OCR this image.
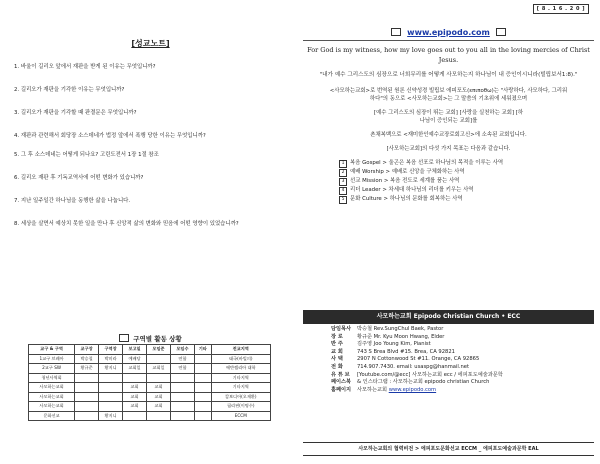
[성교노트]
1. 바울이 길리오 앞에서 재판을 받게 된 이유는 무엇입니까?
2. 길리오가 재판을 기각한 이유는 무엇입니까?
3. 길리오가 재판을 기각할 때 판결문은 무엇입니까?
4. 재판과 관련해서 회당장 소스데네가 법정 앞에서 폭행 당한 이유는 무엇입니까?
5. 그 후 소스데네는 어떻게 되나요? 고린도전서 1장 1절 참조
6. 길리오 재판 후 기독교역사에 어떤 변화가 있습니까?
7. 지난 일주일간 하나님을 동행한 삶을 나눕니다.
8. 세상을 살면서 예상치 못한 일을 만나 후 신앙적 삶의 변화와 믿음에 어떤 영향이 있었습니까?
구역별 활동 상황
교구 & 구역	교구장	구역장	보고일	모임준	모임수	기타	전교지역
1교구 브레아	박승철	박미라	예배당		연합		태국(바빌의)
2교구 SW	황규준	황지니	교회일	교회일	연합		에반젤리아 대학
청년사역회							기타지역
사모하는교회			교회	교회			기타지역
사모하는교회			교회	교회			캄보디아(오재환)
사모하는교회			교회	교회			필리핀(이명수)
문화선교		황지니					ECCM
[ 8 . 1 6 . 2 0 ]
www.epipodo.com
For God is my witness, how my love goes out to you all in the loving mercies of Christ Jesus.
"내가 예수 그리스도의 심장으로 너희무리를 어떻게 사모하는지 하나님이 내 증인이시니라(빌립보서1:8)."
<사모하는교회>로 번역된 원론 신약성경 빌립보 에피포도(επιποθω)는 "사랑하다, 사모하다, 그리워하다"의 동으로 <사모하는교회>는 그 말씀의 기초위에 세워졌으며
[예수 그리스도의 심장이 뛰는 교회] [사랑을 실천하는 교회] [하나님이 증인되는 교회]를
촌채복백으로 <재미한인예수교장로회고신>에 소속된 교회입니다.
[사모하는교회]의 다섯 가지 목표는 다음과 같습니다.
1 복음 Gospel > 울곤은 복음 선포로 하나님의 목적을 이루는 사역
2 예배 Worship > 예배로 신앙을 구체화하는 사역
3 선교 Mission > 복음 전도로 세계를 품는 사역
4 리더 Leader > 차세대 하나님의 리더를 키우는 사역
5 문화 Culture > 하나님의 문화를 회복하는 사역
사모하는교회 Epipodo Christian Church • ECC
담임목사 박승철 Rev.SungChul Baek, Pastor
장 로	황규준 Mr. Kyu Moon Hwang, Elder
반 주	김주영 Joo Young Kim, Pianist
교 회	743 S Brea Blvd #15. Brea, CA 92821
사 택	2907 N Cottonwood St #11. Orange, CA 92865
전 화	714.907.7430. email: usaspg@hanmail.net
유 튜 브 [Youtube.com/@ecc] 사모하는교회 ecc / 에피포도예술과문학
페이스북 & 인스타그램 : 사모하는교회 epipodo christian Church
홈페이지 사모하는교회 www.epipodo.com
사모하는교회의 협력비전 > 에피포도문화선교 ECCM _ 에피포도예술과문학 EAL
